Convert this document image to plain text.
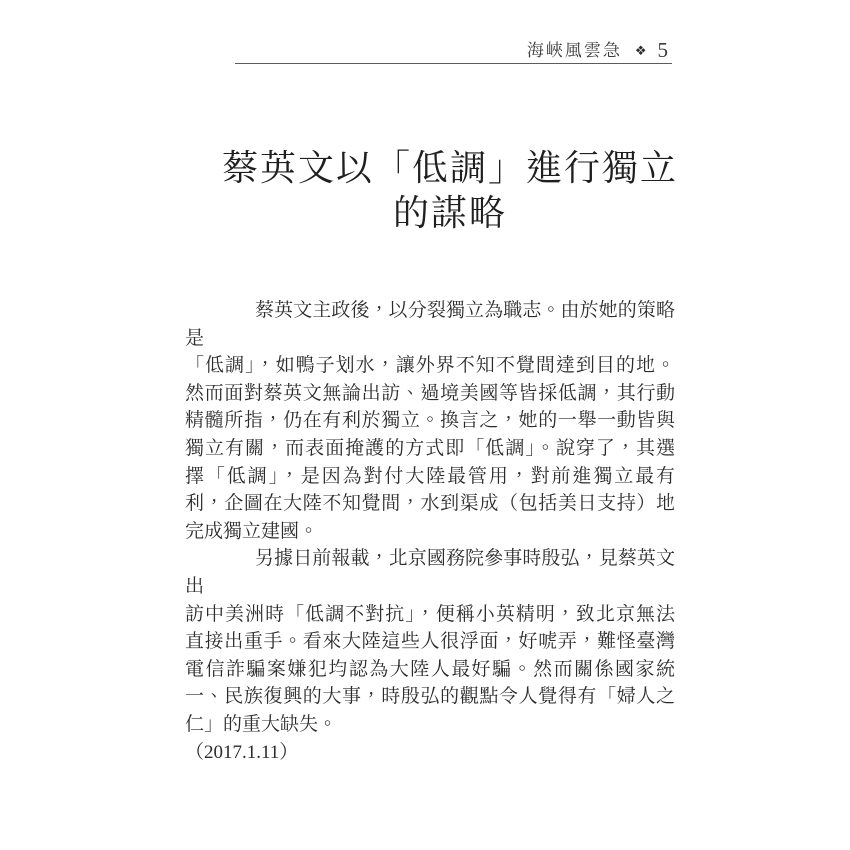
海峽風雲急 ❖ 5
蔡英文以「低調」進行獨立
的謀略
蔡英文主政後，以分裂獨立為職志。由於她的策略是
「低調」，如鴨子划水，讓外界不知不覺間達到目的地。
然而面對蔡英文無論出訪、過境美國等皆採低調，其行動
精髓所指，仍在有利於獨立。換言之，她的一舉一動皆與
獨立有關，而表面掩護的方式即「低調」。說穿了，其選
擇「低調」，是因為對付大陸最管用，對前進獨立最有
利，企圖在大陸不知覺間，水到渠成（包括美日支持）地
完成獨立建國。
另據日前報載，北京國務院參事時殷弘，見蔡英文出
訪中美洲時「低調不對抗」，便稱小英精明，致北京無法
直接出重手。看來大陸這些人很浮面，好唬弄，難怪臺灣
電信詐騙案嫌犯均認為大陸人最好騙。然而關係國家統
一、民族復興的大事，時殷弘的觀點令人覺得有「婦人之
仁」的重大缺失。
（2017.1.11）
